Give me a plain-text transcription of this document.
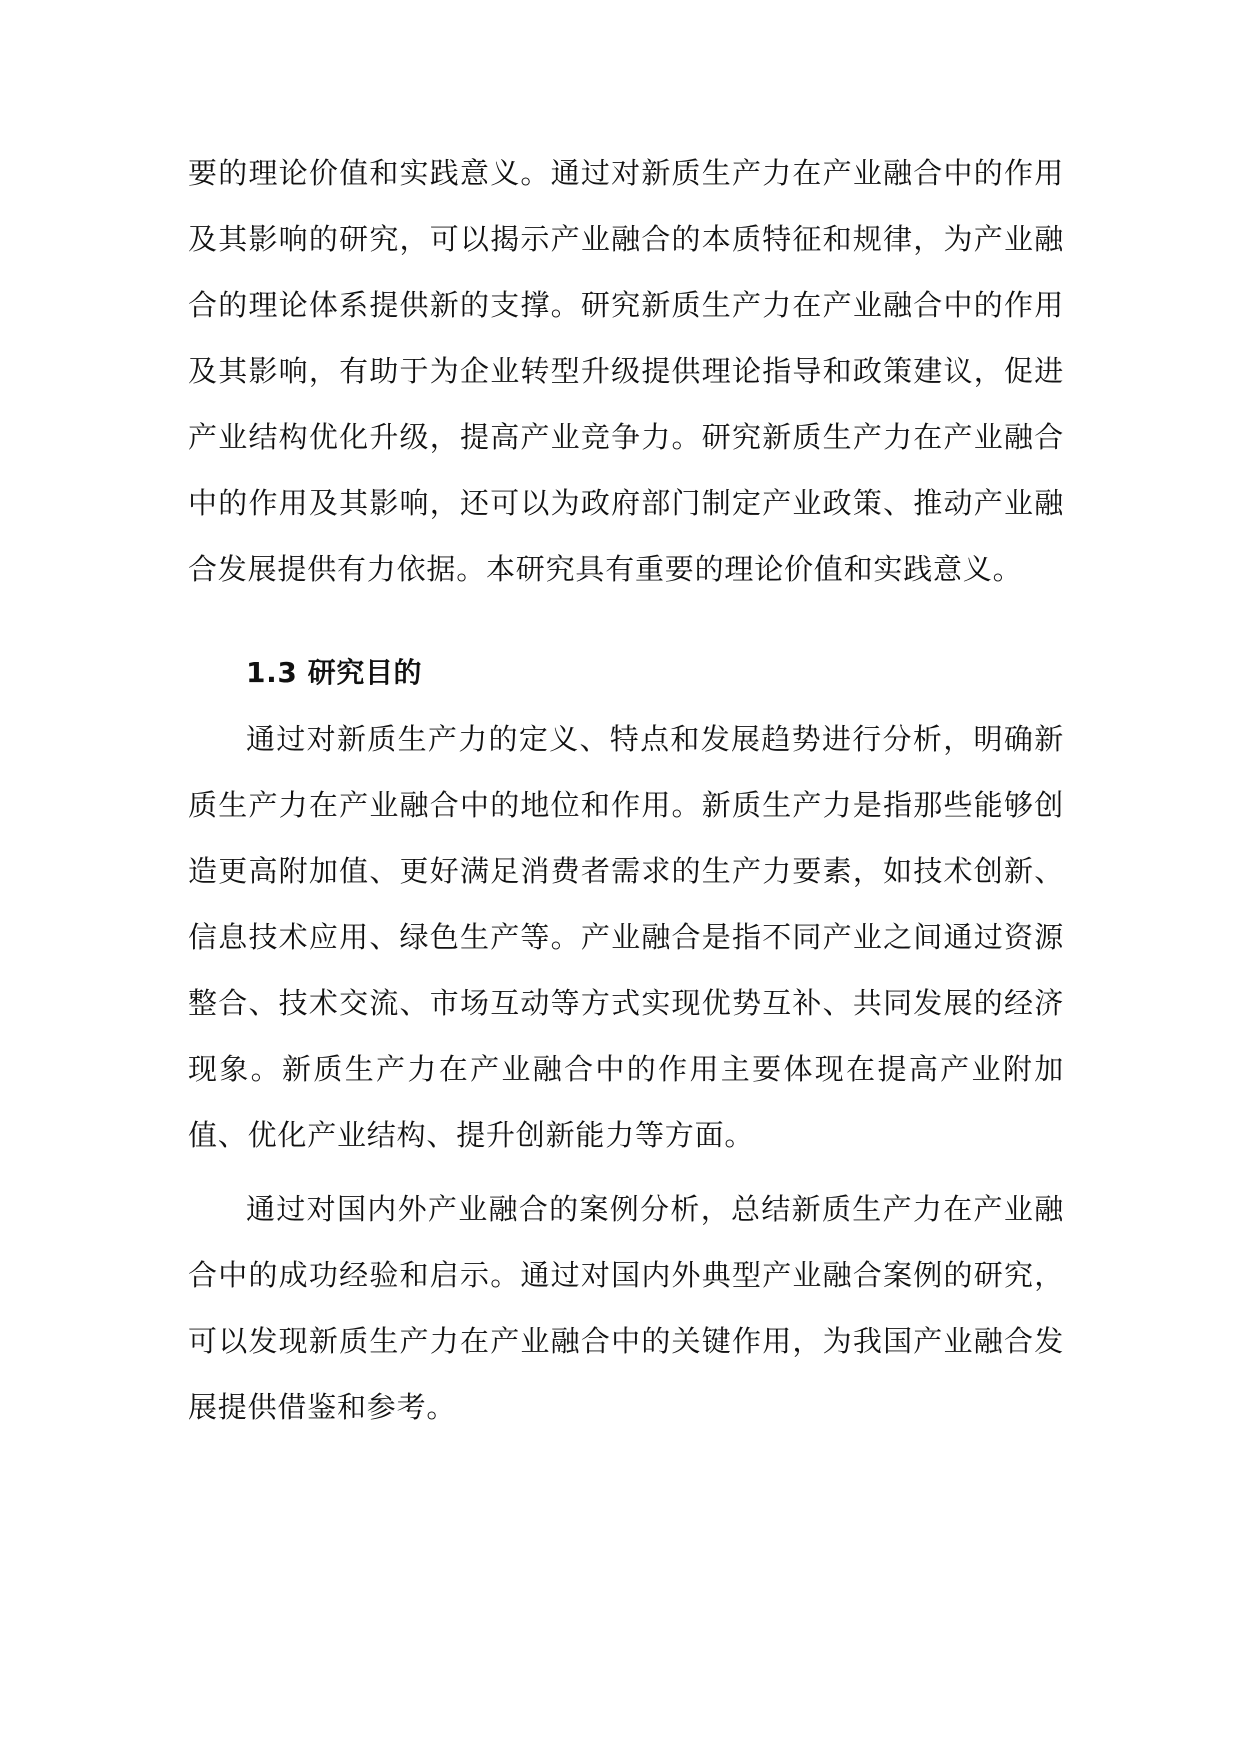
要的理论价值和实践意义。通过对新质生产力在产业融合中的作用及其影响的研究，可以揭示产业融合的本质特征和规律，为产业融合的理论体系提供新的支撑。研究新质生产力在产业融合中的作用及其影响，有助于为企业转型升级提供理论指导和政策建议，促进产业结构优化升级，提高产业竞争力。研究新质生产力在产业融合中的作用及其影响，还可以为政府部门制定产业政策、推动产业融合发展提供有力依据。本研究具有重要的理论价值和实践意义。

1.3 研究目的

通过对新质生产力的定义、特点和发展趋势进行分析，明确新质生产力在产业融合中的地位和作用。新质生产力是指那些能够创造更高附加值、更好满足消费者需求的生产力要素，如技术创新、信息技术应用、绿色生产等。产业融合是指不同产业之间通过资源整合、技术交流、市场互动等方式实现优势互补、共同发展的经济现象。新质生产力在产业融合中的作用主要体现在提高产业附加值、优化产业结构、提升创新能力等方面。

通过对国内外产业融合的案例分析，总结新质生产力在产业融合中的成功经验和启示。通过对国内外典型产业融合案例的研究，可以发现新质生产力在产业融合中的关键作用，为我国产业融合发展提供借鉴和参考。
